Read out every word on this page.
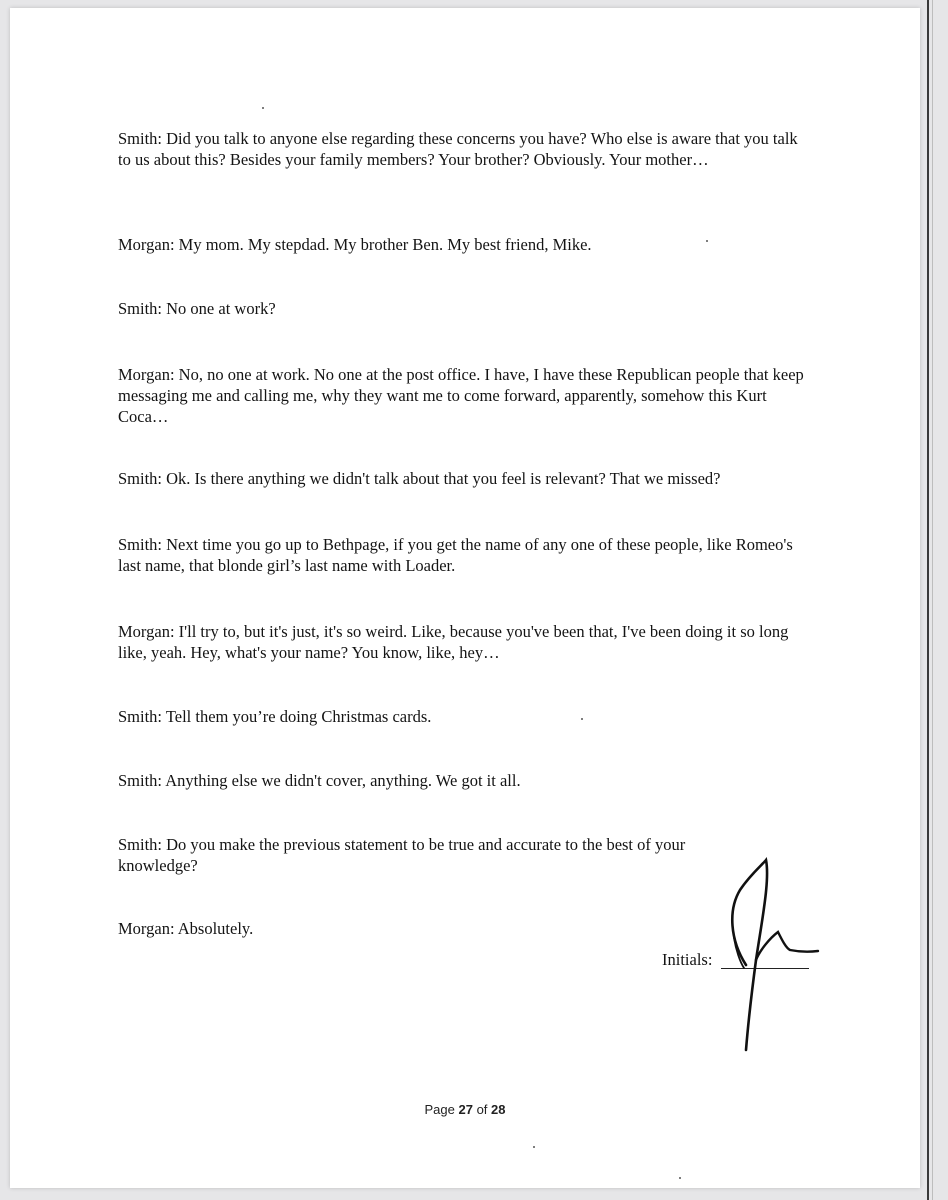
Smith: Did you talk to anyone else regarding these concerns you have? Who else is aware that you talk to us about this? Besides your family members? Your brother? Obviously. Your mother…

Morgan: My mom. My stepdad. My brother Ben. My best friend, Mike.

Smith: No one at work?

Morgan: No, no one at work. No one at the post office. I have, I have these Republican people that keep messaging me and calling me, why they want me to come forward, apparently, somehow this Kurt Coca…

Smith: Ok. Is there anything we didn't talk about that you feel is relevant? That we missed?

Smith: Next time you go up to Bethpage, if you get the name of any one of these people, like Romeo's last name, that blonde girl’s last name with Loader.

Morgan: I'll try to, but it's just, it's so weird. Like, because you've been that, I've been doing it so long like, yeah. Hey, what's your name? You know, like, hey…

Smith: Tell them you’re doing Christmas cards.

Smith: Anything else we didn't cover, anything. We got it all.

Smith: Do you make the previous statement to be true and accurate to the best of your knowledge?

Morgan: Absolutely.

Initials:
Page 27 of 28
